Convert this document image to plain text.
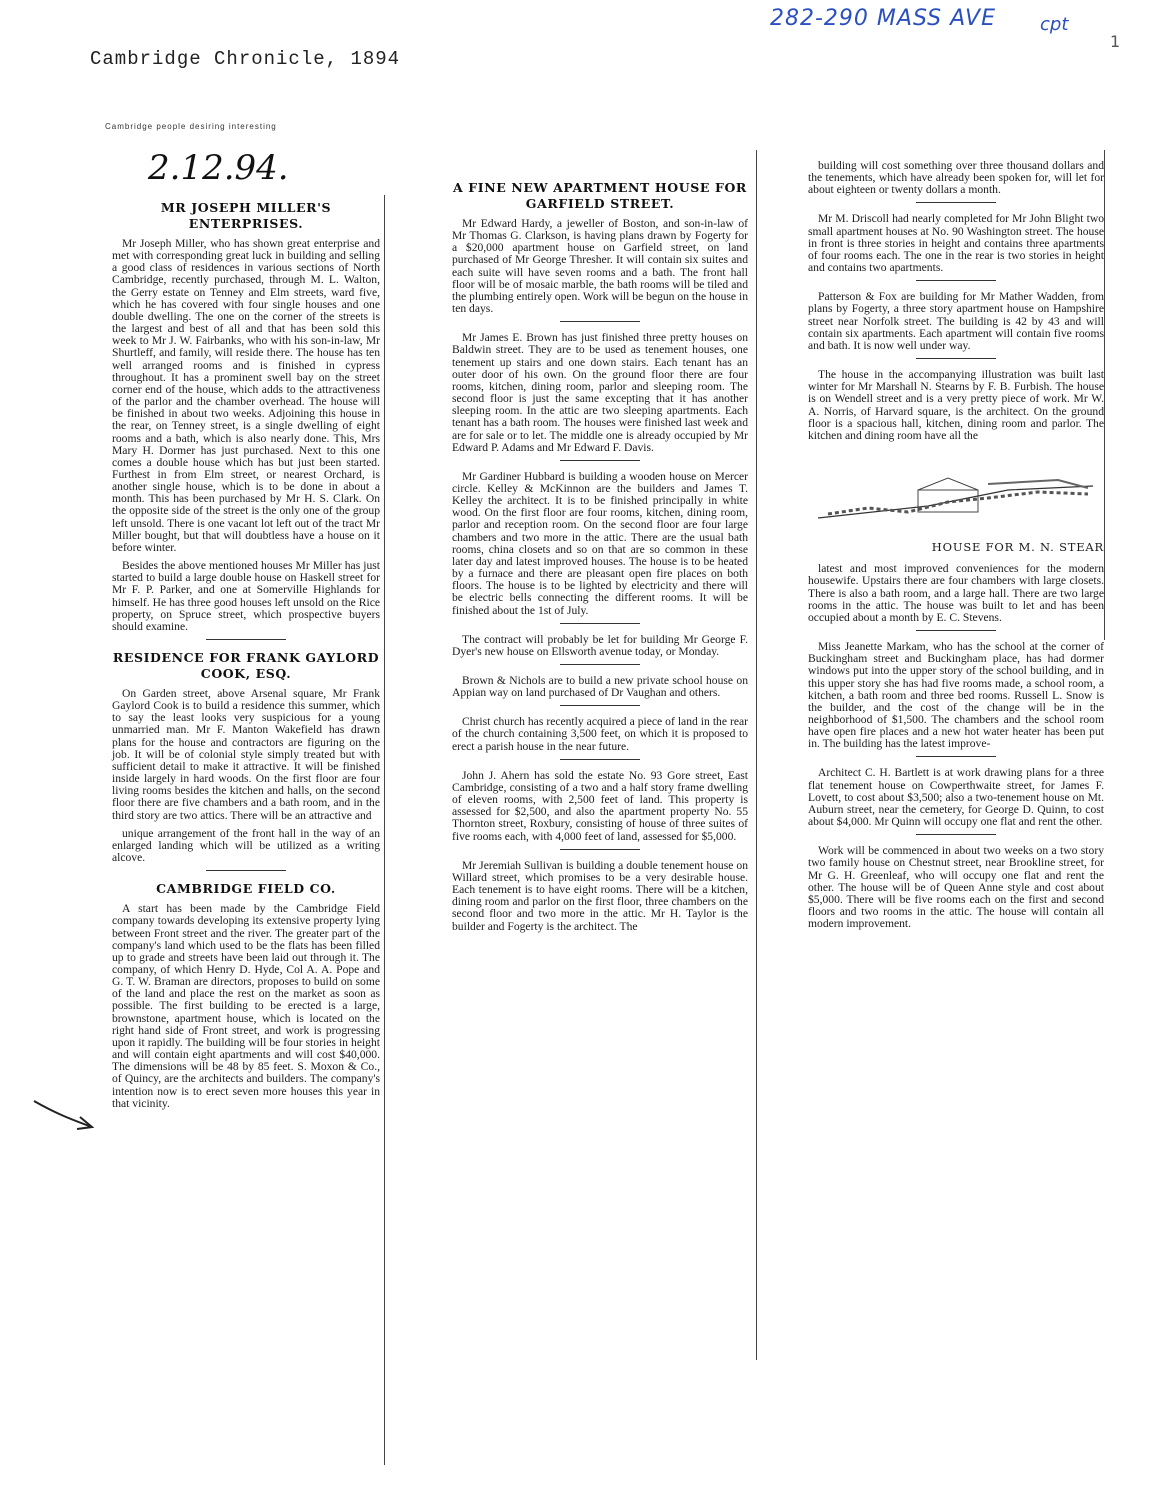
Cambridge Chronicle, 1894
282-290 MASS AVE cpt
1
Cambridge people desiring interesting
2.12.94.
MR JOSEPH MILLER'S ENTERPRISES.

Mr Joseph Miller, who has shown great enterprise and met with corresponding great luck in building and selling a good class of residences in various sections of North Cambridge, recently purchased, through M. L. Walton, the Gerry estate on Tenney and Elm streets, ward five, which he has covered with four single houses and one double dwelling. The one on the corner of the streets is the largest and best of all and that has been sold this week to Mr J. W. Fairbanks, who with his son-in-law, Mr Shurtleff, and family, will reside there. The house has ten well arranged rooms and is finished in cypress throughout. It has a prominent swell bay on the street corner end of the house, which adds to the attractiveness of the parlor and the chamber overhead. The house will be finished in about two weeks. Adjoining this house in the rear, on Tenney street, is a single dwelling of eight rooms and a bath, which is also nearly done. This, Mrs Mary H. Dormer has just purchased. Next to this one comes a double house which has but just been started. Furthest in from Elm street, or nearest Orchard, is another single house, which is to be done in about a month. This has been purchased by Mr H. S. Clark. On the opposite side of the street is the only one of the group left unsold. There is one vacant lot left out of the tract Mr Miller bought, but that will doubtless have a house on it before winter.

Besides the above mentioned houses Mr Miller has just started to build a large double house on Haskell street for Mr F. P. Parker, and one at Somerville Highlands for himself. He has three good houses left unsold on the Rice property, on Spruce street, which prospective buyers should examine.

RESIDENCE FOR FRANK GAYLORD COOK, ESQ.

On Garden street, above Arsenal square, Mr Frank Gaylord Cook is to build a residence this summer, which to say the least looks very suspicious for a young unmarried man. Mr F. Manton Wakefield has drawn plans for the house and contractors are figuring on the job. It will be of colonial style simply treated but with sufficient detail to make it attractive. It will be finished inside largely in hard woods. On the first floor are four living rooms besides the kitchen and halls, on the second floor there are five chambers and a bath room, and in the third story are two attics. There will be an attractive and

unique arrangement of the front hall in the way of an enlarged landing which will be utilized as a writing alcove.

CAMBRIDGE FIELD CO.

A start has been made by the Cambridge Field company towards developing its extensive property lying between Front street and the river. The greater part of the company's land which used to be the flats has been filled up to grade and streets have been laid out through it. The company, of which Henry D. Hyde, Col A. A. Pope and G. T. W. Braman are directors, proposes to build on some of the land and place the rest on the market as soon as possible. The first building to be erected is a large, brownstone, apartment house, which is located on the right hand side of Front street, and work is progressing upon it rapidly. The building will be four stories in height and will contain eight apartments and will cost $40,000. The dimensions will be 48 by 85 feet. S. Moxon & Co., of Quincy, are the architects and builders. The company's intention now is to erect seven more houses this year in that vicinity.

A FINE NEW APARTMENT HOUSE FOR GARFIELD STREET.

Mr Edward Hardy, a jeweller of Boston, and son-in-law of Mr Thomas G. Clarkson, is having plans drawn by Fogerty for a $20,000 apartment house on Garfield street, on land purchased of Mr George Thresher. It will contain six suites and each suite will have seven rooms and a bath. The front hall floor will be of mosaic marble, the bath rooms will be tiled and the plumbing entirely open. Work will be begun on the house in ten days.

Mr James E. Brown has just finished three pretty houses on Baldwin street. They are to be used as tenement houses, one tenement up stairs and one down stairs. Each tenant has an outer door of his own. On the ground floor there are four rooms, kitchen, dining room, parlor and sleeping room. The second floor is just the same excepting that it has another sleeping room. In the attic are two sleeping apartments. Each tenant has a bath room. The houses were finished last week and are for sale or to let. The middle one is already occupied by Mr Edward P. Adams and Mr Edward F. Davis.

Mr Gardiner Hubbard is building a wooden house on Mercer circle. Kelley & McKinnon are the builders and James T. Kelley the architect. It is to be finished principally in white wood. On the first floor are four rooms, kitchen, dining room, parlor and reception room. On the second floor are four large chambers and two more in the attic. There are the usual bath rooms, china closets and so on that are so common in these later day and latest improved houses. The house is to be heated by a furnace and there are pleasant open fire places on both floors. The house is to be lighted by electricity and there will be electric bells connecting the different rooms. It will be finished about the 1st of July.

The contract will probably be let for building Mr George F. Dyer's new house on Ellsworth avenue today, or Monday.

Brown & Nichols are to build a new private school house on Appian way on land purchased of Dr Vaughan and others.

Christ church has recently acquired a piece of land in the rear of the church containing 3,500 feet, on which it is proposed to erect a parish house in the near future.

John J. Ahern has sold the estate No. 93 Gore street, East Cambridge, consisting of a two and a half story frame dwelling of eleven rooms, with 2,500 feet of land. This property is assessed for $2,500, and also the apartment property No. 55 Thornton street, Roxbury, consisting of house of three suites of five rooms each, with 4,000 feet of land, assessed for $5,000.

Mr Jeremiah Sullivan is building a double tenement house on Willard street, which promises to be a very desirable house. Each tenement is to have eight rooms. There will be a kitchen, dining room and parlor on the first floor, three chambers on the second floor and two more in the attic. Mr H. Taylor is the builder and Fogerty is the architect. The

building will cost something over three thousand dollars and the tenements, which have already been spoken for, will let for about eighteen or twenty dollars a month.

Mr M. Driscoll had nearly completed for Mr John Blight two small apartment houses at No. 90 Washington street. The house in front is three stories in height and contains three apartments of four rooms each. The one in the rear is two stories in height and contains two apartments.

Patterson & Fox are building for Mr Mather Wadden, from plans by Fogerty, a three story apartment house on Hampshire street near Norfolk street. The building is 42 by 43 and will contain six apartments. Each apartment will contain five rooms and bath. It is now well under way.

The house in the accompanying illustration was built last winter for Mr Marshall N. Stearns by F. B. Furbish. The house is on Wendell street and is a very pretty piece of work. Mr W. A. Norris, of Harvard square, is the architect. On the ground floor is a spacious hall, kitchen, dining room and parlor. The kitchen and dining room have all the

HOUSE FOR M. N. STEAR

latest and most improved conveniences for the modern housewife. Upstairs there are four chambers with large closets. There is also a bath room, and a large hall. There are two large rooms in the attic. The house was built to let and has been occupied about a month by E. C. Stevens.

Miss Jeanette Markam, who has the school at the corner of Buckingham street and Buckingham place, has had dormer windows put into the upper story of the school building, and in this upper story she has had five rooms made, a school room, a kitchen, a bath room and three bed rooms. Russell L. Snow is the builder, and the cost of the change will be in the neighborhood of $1,500. The chambers and the school room have open fire places and a new hot water heater has been put in. The building has the latest improve-

Architect C. H. Bartlett is at work drawing plans for a three flat tenement house on Cowperthwaite street, for James F. Lovett, to cost about $3,500; also a two-tenement house on Mt. Auburn street, near the cemetery, for George D. Quinn, to cost about $4,000. Mr Quinn will occupy one flat and rent the other.

Work will be commenced in about two weeks on a two story two family house on Chestnut street, near Brookline street, for Mr G. H. Greenleaf, who will occupy one flat and rent the other. The house will be of Queen Anne style and cost about $5,000. There will be five rooms each on the first and second floors and two rooms in the attic. The house will contain all modern improvement.
